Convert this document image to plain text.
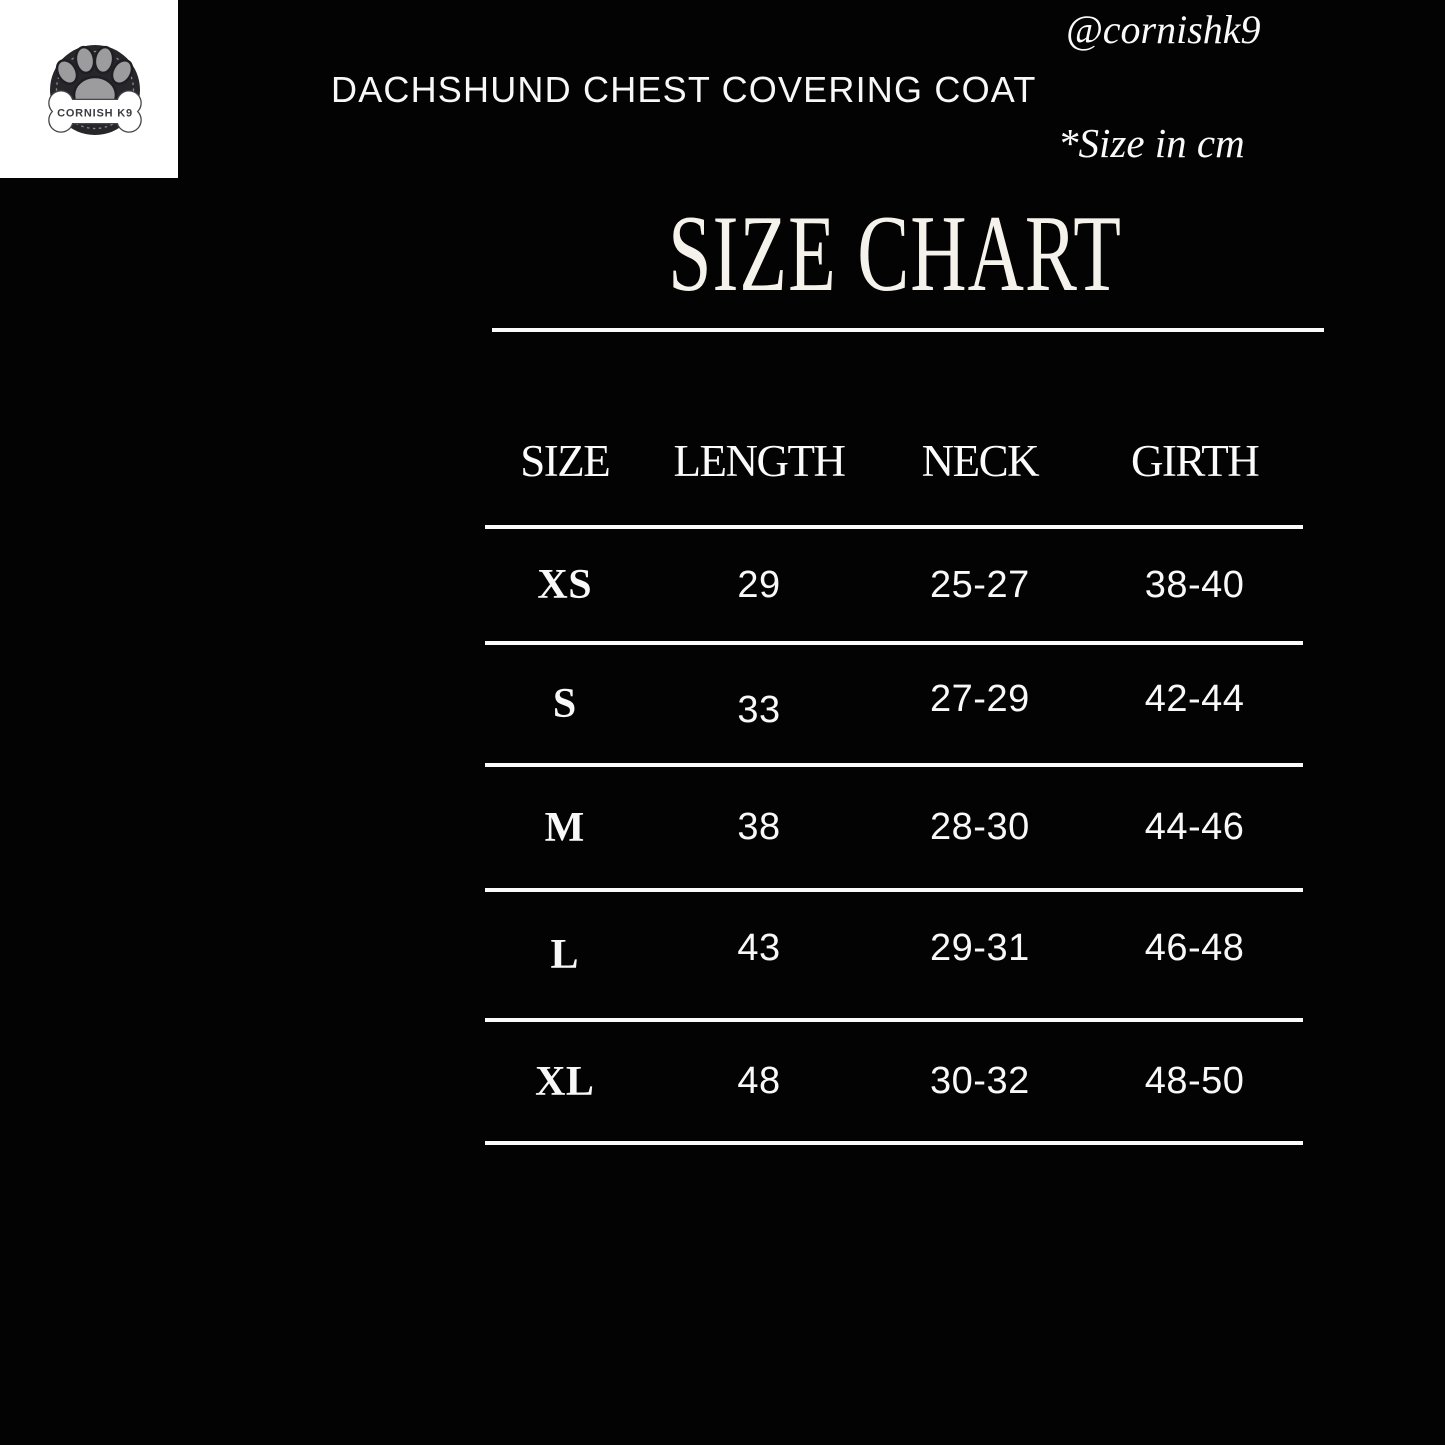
CORNISH K9
@cornishk9
DACHSHUND CHEST COVERING COAT
*Size in cm
SIZE CHART
SIZE LENGTH NECK GIRTH
XS	29	25-27	38-40
S	33	27-29	42-44
M	38	28-30	44-46
L	43	29-31	46-48
XL	48	30-32	48-50
